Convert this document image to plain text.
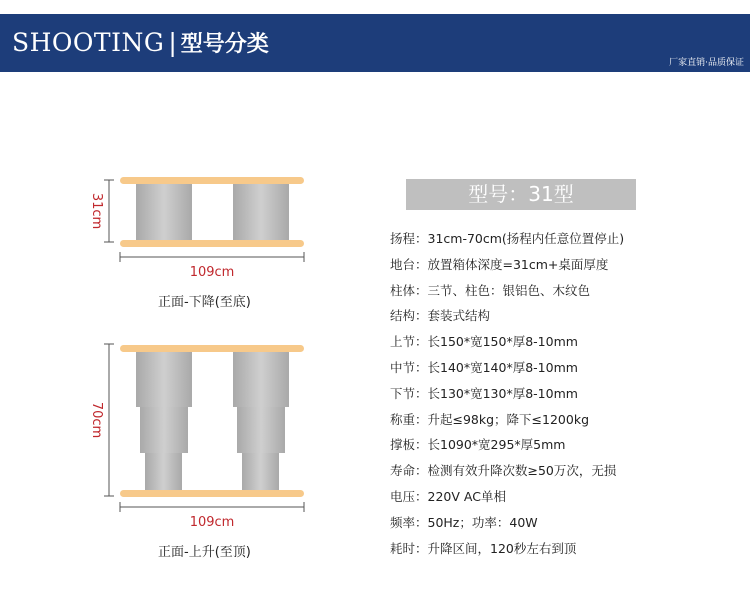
SHOOTING | 型号分类
厂家直销·品质保证
31cm
109cm
正面-下降(至底)
70cm
109cm
正面-上升(至顶)
型号：31型
扬程：31cm-70cm(扬程内任意位置停止)
地台：放置箱体深度=31cm+桌面厚度
柱体：三节、柱色：银铝色、木纹色
结构：套装式结构
上节：长150*宽150*厚8-10mm
中节：长140*宽140*厚8-10mm
下节：长130*宽130*厚8-10mm
称重：升起≤98kg；降下≤1200kg
撑板：长1090*宽295*厚5mm
寿命：检测有效升降次数≥50万次，无损
电压：220V AC单相
频率：50Hz；功率：40W
耗时：升降区间，120秒左右到顶
